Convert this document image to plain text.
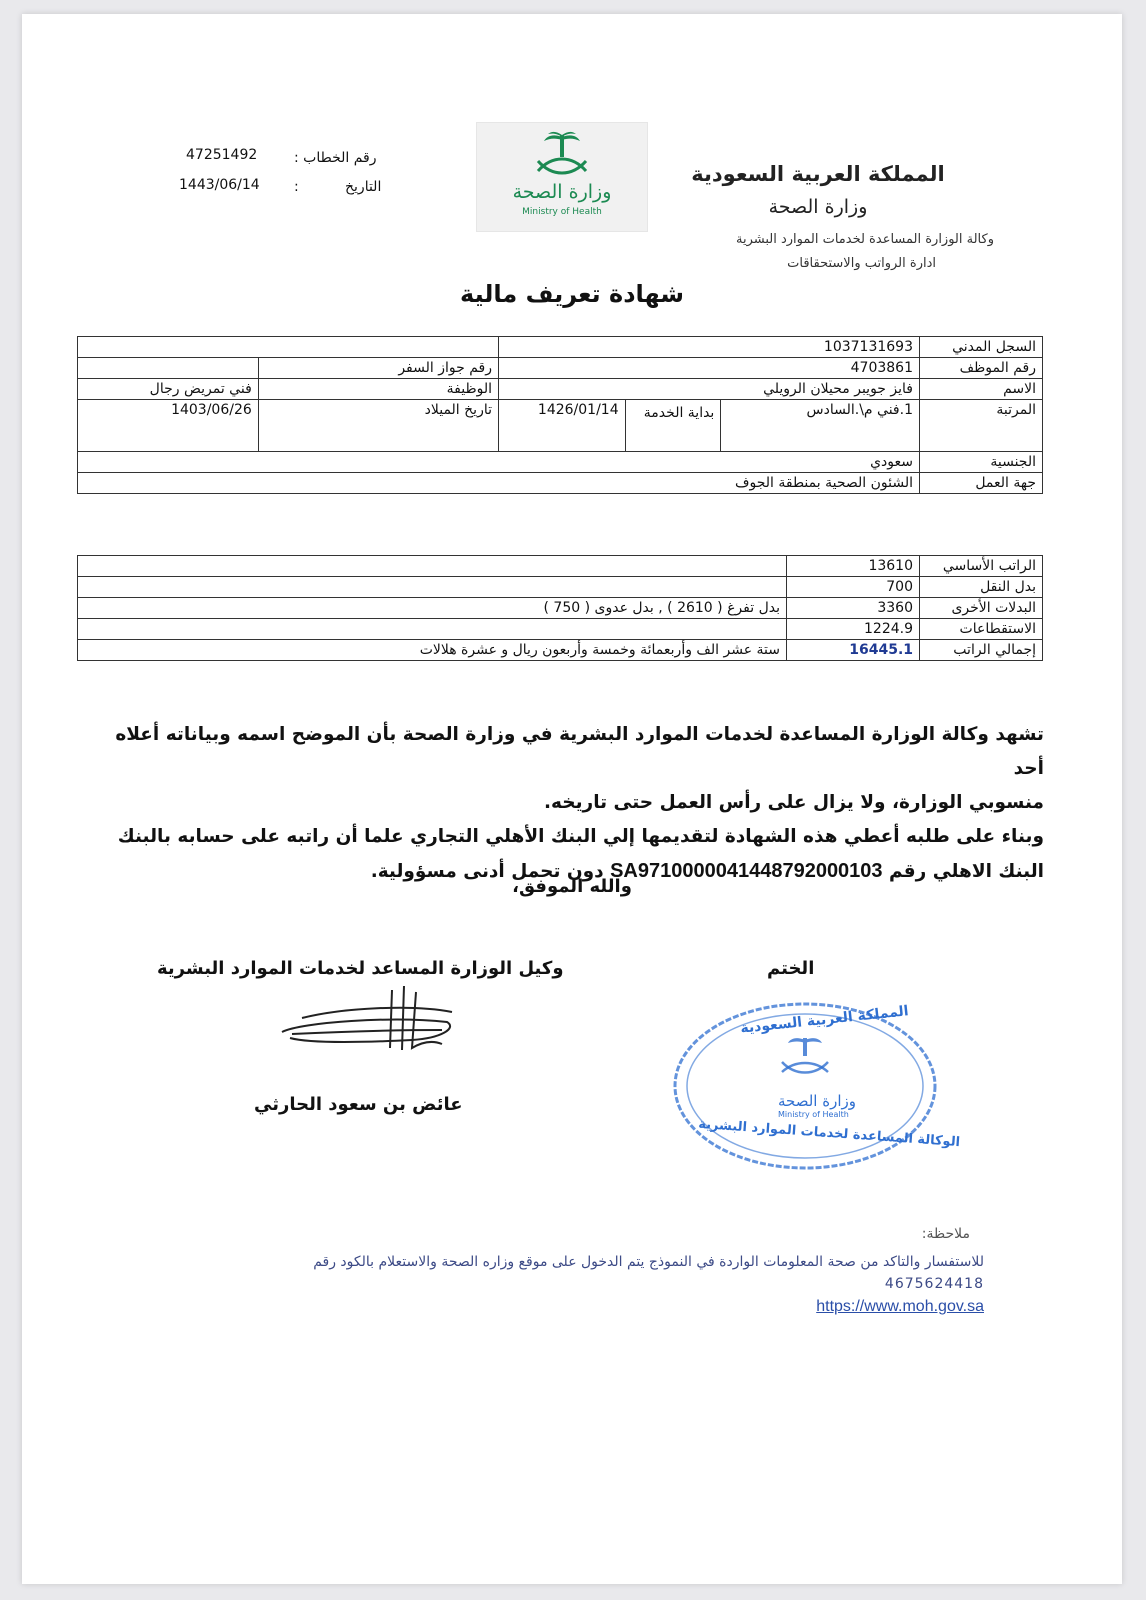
المملكة العربية السعودية
وزارة الصحة
وكالة الوزارة المساعدة لخدمات الموارد البشرية
ادارة الرواتب والاستحقاقات
وزارة الصحة
Ministry of Health
47251492	رقم الخطاب :
1443/06/14 :	التاريخ
شهادة تعريف مالية
السجل المدني	1037131693				
رقم الموظف	4703861			رقم جواز السفر	
الاسم	فايز جويبر محيلان الرويلي			الوظيفة	فني تمريض رجال
المرتبة	1.فني م\.السادس	بداية الخدمة	1426/01/14	تاريخ الميلاد	1403/06/26
الجنسية	سعودي				
جهة العمل	الشئون الصحية بمنطقة الجوف				
الراتب الأساسي	13610	
بدل النقل	700	
البدلات الأخرى	3360	بدل تفرغ ( 2610 ) , بدل عدوى ( 750 )
الاستقطاعات	1224.9	
إجمالي الراتب	16445.1	ستة عشر الف وأربعمائة وخمسة وأربعون ريال و عشرة هلالات
تشهد وكالة الوزارة المساعدة لخدمات الموارد البشرية في وزارة الصحة بأن الموضح اسمه وبياناته أعلاه أحد
منسوبي الوزارة، ولا يزال على رأس العمل حتى تاريخه.
وبناء على طلبه أعطي هذه الشهادة لتقديمها إلي البنك الأهلي التجاري علما أن راتبه على حسابه بالبنك
البنك الاهلي رقم SA9710000041448792000103 دون تحمل أدنى مسؤولية.
والله الموفق،
الختم
وكيل الوزارة المساعد لخدمات الموارد البشرية
عائض بن سعود الحارثي
المملكة العربية السعودية
وزارة الصحة
Ministry of Health
الوكالة المساعدة لخدمات الموارد البشرية
ملاحظة:
للاستفسار والتاكد من صحة المعلومات الواردة في النموذج يتم الدخول على موقع وزاره الصحة والاستعلام بالكود رقم
4675624418
https://www.moh.gov.sa
